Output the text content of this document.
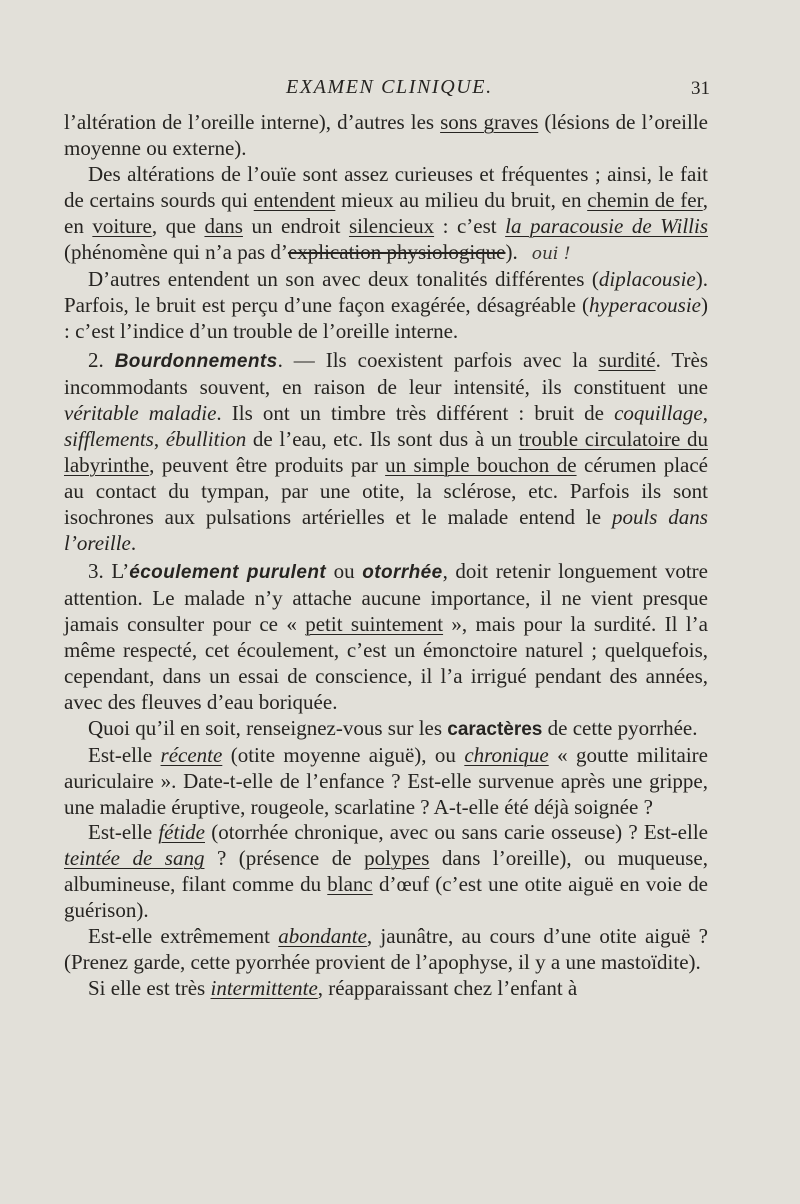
EXAMEN CLINIQUE.	31

l’altération de l’oreille interne), d’autres les sons graves (lésions de l’oreille moyenne ou externe).

Des altérations de l’ouïe sont assez curieuses et fréquentes ; ainsi, le fait de certains sourds qui entendent mieux au milieu du bruit, en chemin de fer, en voiture, que dans un endroit silencieux : c’est la paracousie de Willis (phénomène qui n’a pas d’explication physiologique). oui !

D’autres entendent un son avec deux tonalités différentes (diplacousie). Parfois, le bruit est perçu d’une façon exagérée, désagréable (hyperacousie) : c’est l’indice d’un trouble de l’oreille interne.

2. Bourdonnements. — Ils coexistent parfois avec la surdité. Très incommodants souvent, en raison de leur intensité, ils constituent une véritable maladie. Ils ont un timbre très différent : bruit de coquillage, sifflements, ébullition de l’eau, etc. Ils sont dus à un trouble circulatoire du labyrinthe, peuvent être produits par un simple bouchon de cérumen placé au contact du tympan, par une otite, la sclérose, etc. Parfois ils sont isochrones aux pulsations artérielles et le malade entend le pouls dans l’oreille.

3. L’écoulement purulent ou otorrhée, doit retenir longuement votre attention. Le malade n’y attache aucune importance, il ne vient presque jamais consulter pour ce « petit suintement », mais pour la surdité. Il l’a même respecté, cet écoulement, c’est un émonctoire naturel ; quelquefois, cependant, dans un essai de conscience, il l’a irrigué pendant des années, avec des fleuves d’eau boriquée.

Quoi qu’il en soit, renseignez-vous sur les caractères de cette pyorrhée.

Est-elle récente (otite moyenne aiguë), ou chronique « goutte militaire auriculaire ». Date-t-elle de l’enfance ? Est-elle survenue après une grippe, une maladie éruptive, rougeole, scarlatine ? A-t-elle été déjà soignée ?

Est-elle fétide (otorrhée chronique, avec ou sans carie osseuse) ? Est-elle teintée de sang ? (présence de polypes dans l’oreille), ou muqueuse, albumineuse, filant comme du blanc d’œuf (c’est une otite aiguë en voie de guérison).

Est-elle extrêmement abondante, jaunâtre, au cours d’une otite aiguë ? (Prenez garde, cette pyorrhée provient de l’apophyse, il y a une mastoïdite).

Si elle est très intermittente, réapparaissant chez l’enfant à
